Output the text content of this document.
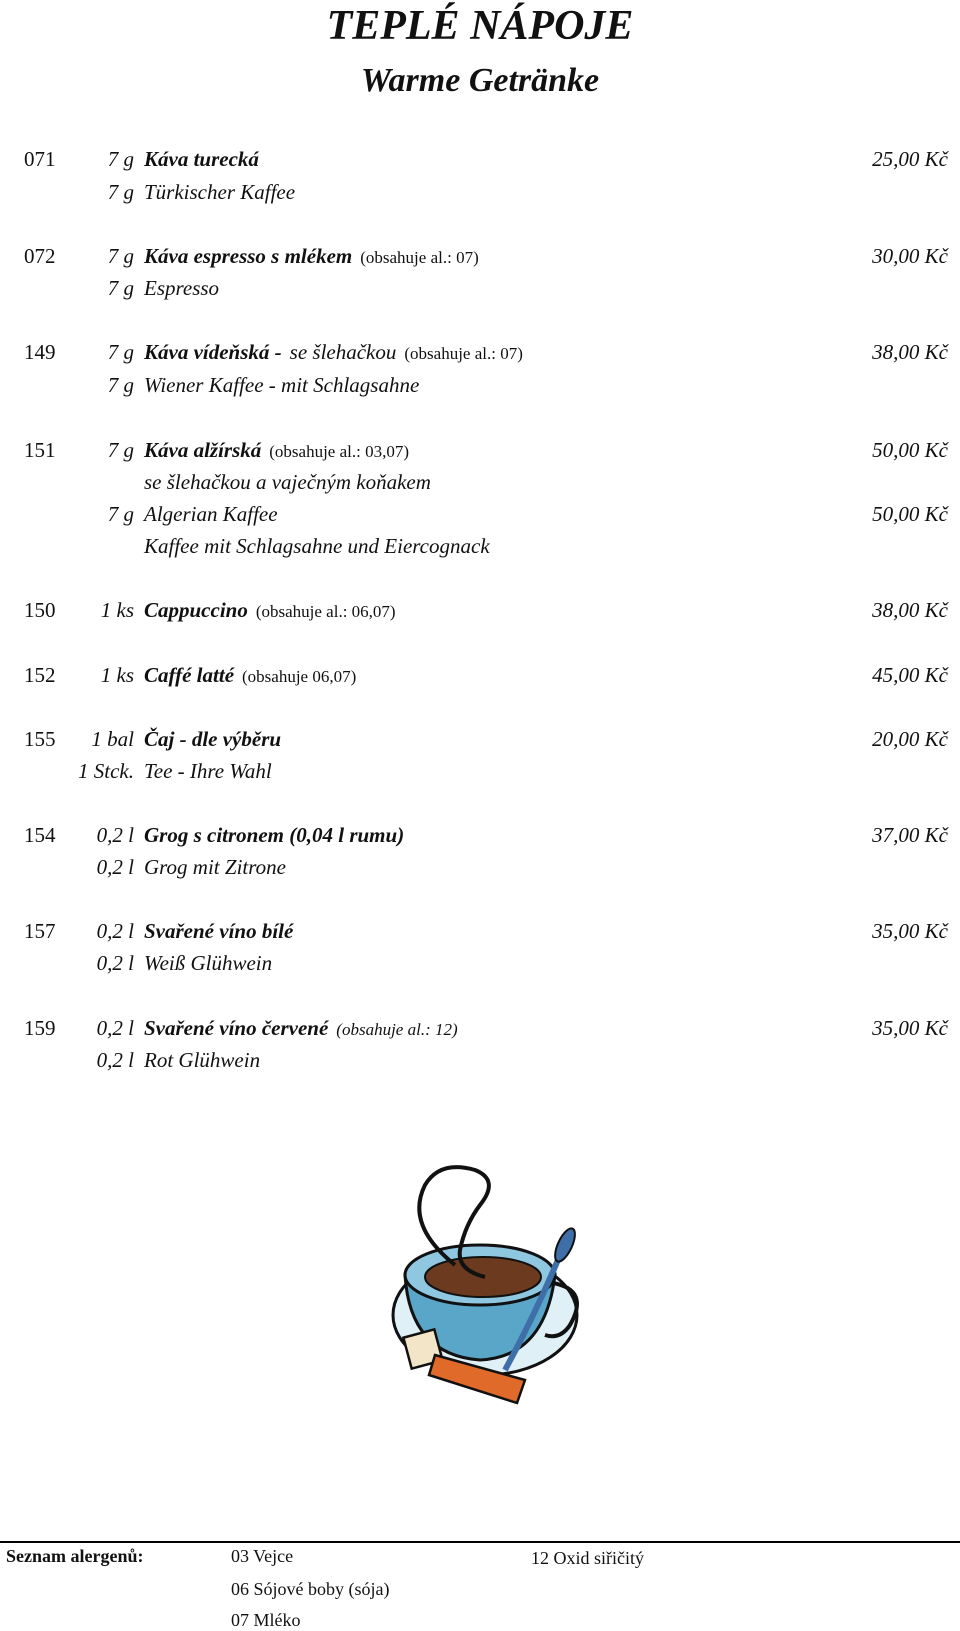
TEPLÉ NÁPOJE
Warme Getränke
071 7 g Káva turecká	25,00 Kč
7 g Türkischer Kaffee
072 7 g Káva espresso s mlékem (obsahuje al.: 07)	30,00 Kč
7 g Espresso
149 7 g Káva vídeňská - se šlehačkou (obsahuje al.: 07)	38,00 Kč
7 g Wiener Kaffee - mit Schlagsahne
151 7 g Káva alžírská (obsahuje al.: 03,07)	50,00 Kč
se šlehačkou a vaječným koňakem
7 g Algerian Kaffee	50,00 Kč
Kaffee mit Schlagsahne und Eiercognack
150 1 ks Cappuccino (obsahuje al.: 06,07)	38,00 Kč
152 1 ks Caffé latté (obsahuje 06,07)	45,00 Kč
155 1 bal Čaj - dle výběru	20,00 Kč
1 Stck. Tee - Ihre Wahl
154 0,2 l Grog s citronem (0,04 l rumu)	37,00 Kč
0,2 l Grog mit Zitrone
157 0,2 l Svařené víno bílé	35,00 Kč
0,2 l Weiß Glühwein
159 0,2 l Svařené víno červené (obsahuje al.: 12)	35,00 Kč
0,2 l Rot Glühwein
Seznam alergenů:	03 Vejce
06 Sójové boby (sója)
07 Mléko
12 Oxid siřičitý
